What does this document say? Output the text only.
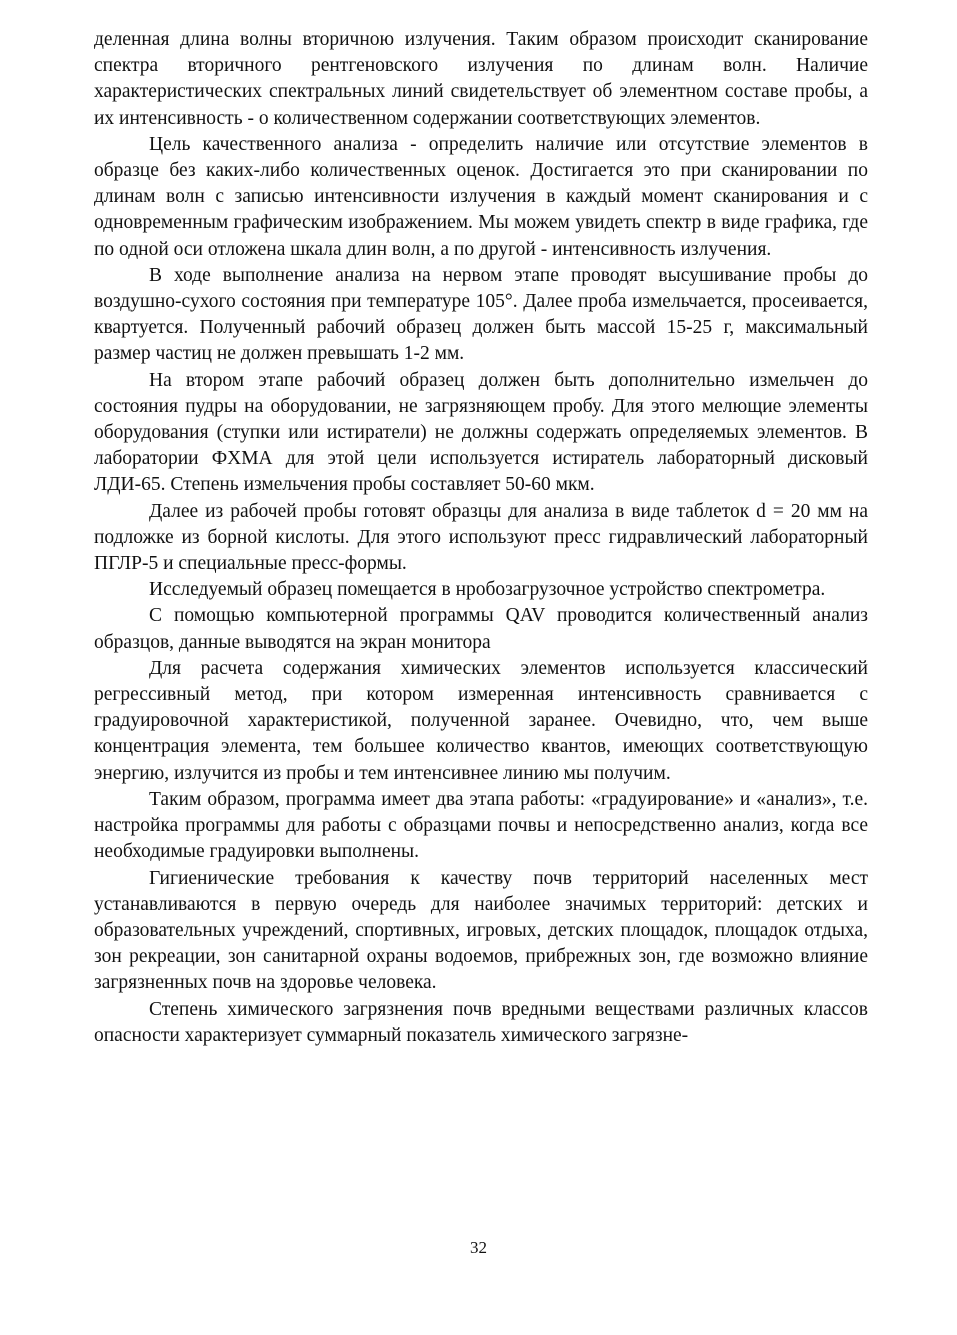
деленная длина волны вторичною излучения. Таким образом происходит сканирование спектра вторичного рентгеновского излучения по длинам волн. Наличие характеристических спектральных линий свидетельствует об элементном составе пробы, а их интенсивность - о количественном содержании соответствующих элементов.

Цель качественного анализа - определить наличие или отсутствие элементов в образце без каких-либо количественных оценок. Достигается это при сканировании по длинам волн с записью интенсивности излучения в каждый момент сканирования и с одновременным графическим изображением. Мы можем увидеть спектр в виде графика, где по одной оси отложена шкала длин волн, а по другой - интенсивность излучения.

В ходе выполнение анализа на нервом этапе проводят высушивание пробы до воздушно-сухого состояния при температуре 105°. Далее проба измельчается, просеивается, квартуется. Полученный рабочий образец должен быть массой 15-25 г, максимальный размер частиц не должен превышать 1-2 мм.

На втором этапе рабочий образец должен быть дополнительно измельчен до состояния пудры на оборудовании, не загрязняющем пробу. Для этого мелющие элементы оборудования (ступки или истиратели) не должны содержать определяемых элементов. В лаборатории ФХМА для этой цели используется истиратель лабораторный дисковый ЛДИ-65. Степень измельчения пробы составляет 50-60 мкм.

Далее из рабочей пробы готовят образцы для анализа в виде таблеток d = 20 мм на подложке из борной кислоты. Для этого используют пресс гидравлический лабораторный ПГЛР-5 и специальные пресс-формы.

Исследуемый образец помещается в нробозагрузочное устройство спектрометра.

С помощью компьютерной программы QAV проводится количественный анализ образцов, данные выводятся на экран монитора

Для расчета содержания химических элементов используется классический регрессивный метод, при котором измеренная интенсивность сравнивается с градуировочной характеристикой, полученной заранее. Очевидно, что, чем выше концентрация элемента, тем большее количество квантов, имеющих соответствующую энергию, излучится из пробы и тем интенсивнее линию мы получим.

Таким образом, программа имеет два этапа работы: «градуирование» и «анализ», т.е. настройка программы для работы с образцами почвы и непосредственно анализ, когда все необходимые градуировки выполнены.

Гигиенические требования к качеству почв территорий населенных мест устанавливаются в первую очередь для наиболее значимых территорий: детских и образовательных учреждений, спортивных, игровых, детских площадок, площадок отдыха, зон рекреации, зон санитарной охраны водоемов, прибрежных зон, где возможно влияние загрязненных почв на здоровье человека.

Степень химического загрязнения почв вредными веществами различных классов опасности характеризует суммарный показатель химического загрязне-

32
